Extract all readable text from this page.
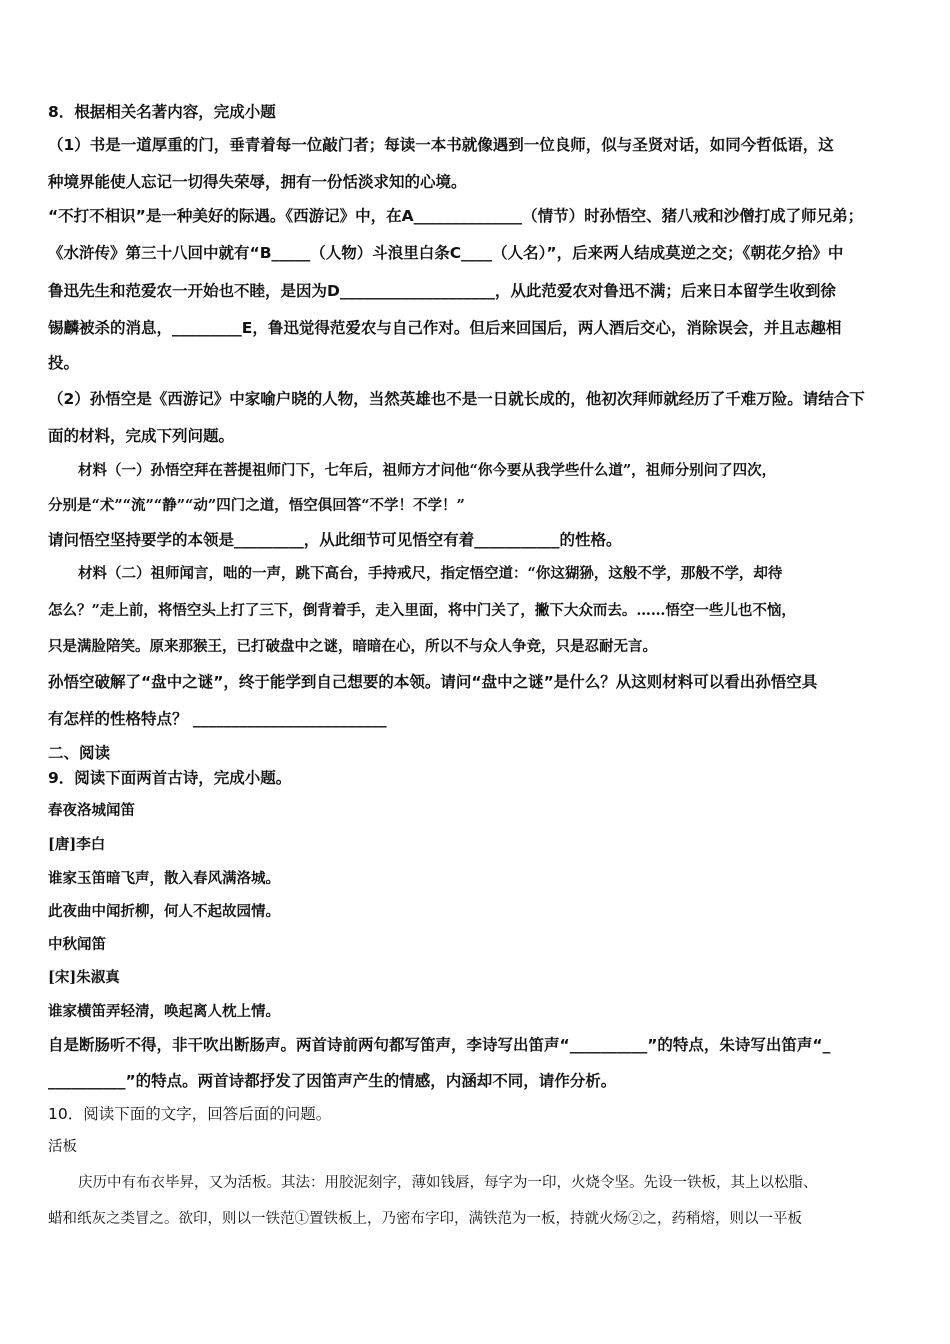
8．根据相关名著内容，完成小题
（1）书是一道厚重的门，垂青着每一位敲门者；每读一本书就像遇到一位良师，似与圣贤对话，如同今哲低语，这
种境界能使人忘记一切得失荣辱，拥有一份恬淡求知的心境。
“不打不相识”是一种美好的际遇。《西游记》中，在A______________（情节）时孙悟空、猪八戒和沙僧打成了师兄弟；
《水浒传》第三十八回中就有“B_____（人物）斗浪里白条C____（人名）”，后来两人结成莫逆之交；《朝花夕拾》中
鲁迅先生和范爱农一开始也不睦，是因为D____________________，从此范爱农对鲁迅不满；后来日本留学生收到徐
锡麟被杀的消息，_________E，鲁迅觉得范爱农与自己作对。但后来回国后，两人酒后交心，消除误会，并且志趣相
投。
（2）孙悟空是《西游记》中家喻户晓的人物，当然英雄也不是一日就长成的，他初次拜师就经历了千难万险。请结合下
面的材料，完成下列问题。
材料（一）孙悟空拜在菩提祖师门下，七年后，祖师方才问他“你今要从我学些什么道”，祖师分别问了四次，
分别是“术”“流”“静”“动”四门之道，悟空俱回答“不学！不学！”
请问悟空坚持要学的本领是_________，从此细节可见悟空有着___________的性格。
材料（二）祖师闻言，咄的一声，跳下高台，手持戒尺，指定悟空道：“你这猢狲，这般不学，那般不学，却待
怎么？”走上前，将悟空头上打了三下，倒背着手，走入里面，将中门关了，撇下大众而去。……悟空一些儿也不恼，
只是满脸陪笑。原来那猴王，已打破盘中之谜，暗暗在心，所以不与众人争竞，只是忍耐无言。
孙悟空破解了“盘中之谜”，终于能学到自己想要的本领。请问“盘中之谜”是什么？从这则材料可以看出孙悟空具
有怎样的性格特点？ _________________________
二、阅读
9．阅读下面两首古诗，完成小题。
春夜洛城闻笛
[唐]李白
谁家玉笛暗飞声，散入春风满洛城。
此夜曲中闻折柳，何人不起故园情。
中秋闻笛
[宋]朱淑真
谁家横笛弄轻清，唤起离人枕上情。
自是断肠听不得，非干吹出断肠声。两首诗前两句都写笛声，李诗写出笛声“__________”的特点，朱诗写出笛声“_
__________”的特点。两首诗都抒发了因笛声产生的情感，内涵却不同，请作分析。
10．阅读下面的文字，回答后面的问题。
活板
庆历中有布衣毕昇，又为活板。其法：用胶泥刻字，薄如钱唇，每字为一印，火烧令坚。先设一铁板，其上以松脂、
蜡和纸灰之类冒之。欲印，则以一铁范①置铁板上，乃密布字印，满铁范为一板，持就火炀②之，药稍熔，则以一平板
